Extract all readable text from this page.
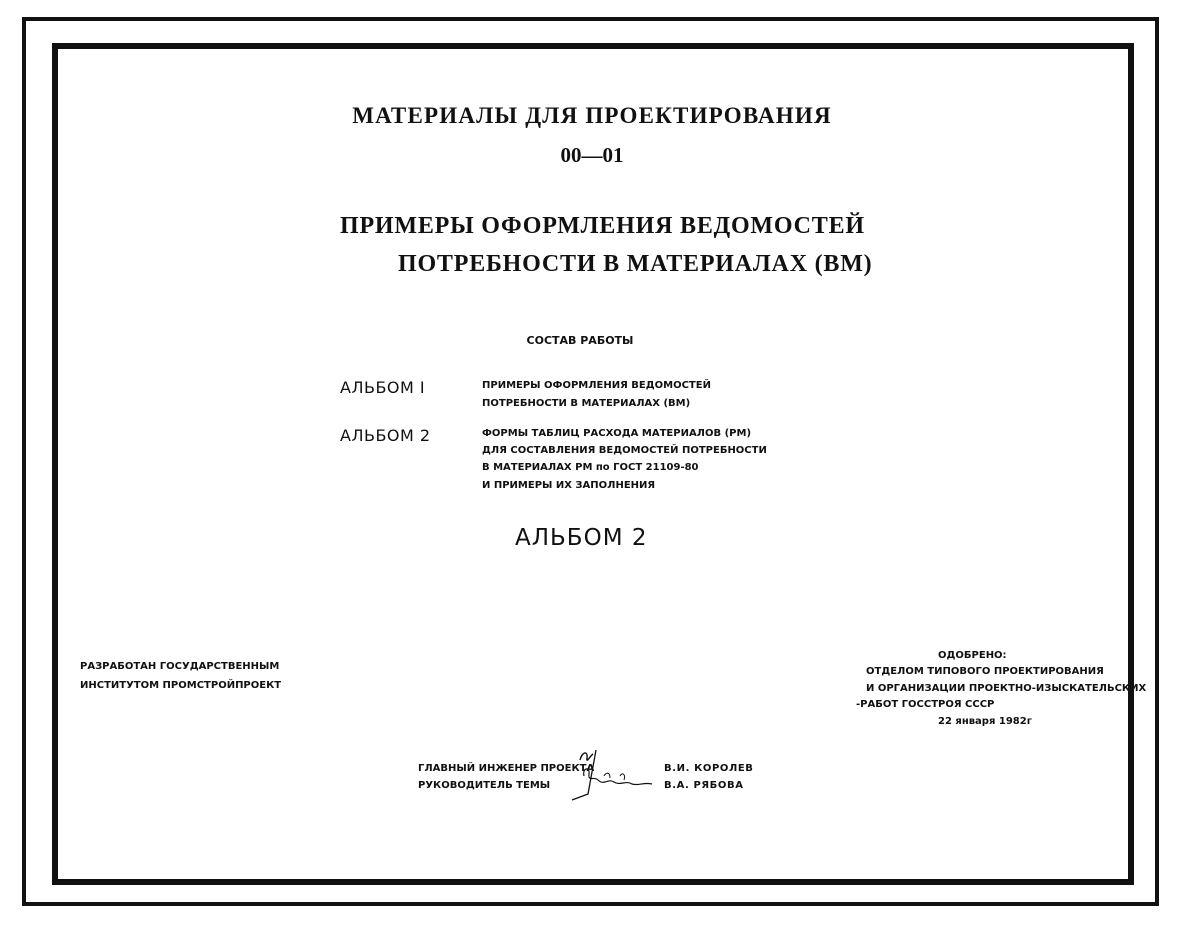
МАТЕРИАЛЫ ДЛЯ ПРОЕКТИРОВАНИЯ
00—01
ПРИМЕРЫ ОФОРМЛЕНИЯ ВЕДОМОСТЕЙ
ПОТРЕБНОСТИ В МАТЕРИАЛАХ (ВМ)
СОСТАВ РАБОТЫ
АЛЬБОМ I	ПРИМЕРЫ ОФОРМЛЕНИЯ ВЕДОМОСТЕЙ
ПОТРЕБНОСТИ В МАТЕРИАЛАХ (ВМ)
АЛЬБОМ 2	ФОРМЫ ТАБЛИЦ РАСХОДА МАТЕРИАЛОВ (РМ)
ДЛЯ СОСТАВЛЕНИЯ ВЕДОМОСТЕЙ ПОТРЕБНОСТИ
В МАТЕРИАЛАХ РМ по ГОСТ 21109-80
И ПРИМЕРЫ ИХ ЗАПОЛНЕНИЯ
АЛЬБОМ 2
РАЗРАБОТАН ГОСУДАРСТВЕННЫМ
ИНСТИТУТОМ ПРОМСТРОЙПРОЕКТ
ОДОБРЕНО:
ОТДЕЛОМ ТИПОВОГО ПРОЕКТИРОВАНИЯ
И ОРГАНИЗАЦИИ ПРОЕКТНО-ИЗЫСКАТЕЛЬСКИХ
-РАБОТ ГОССТРОЯ СССР
22 января 1982г
ГЛАВНЫЙ ИНЖЕНЕР ПРОЕКТА
РУКОВОДИТЕЛЬ ТЕМЫ
В.И. КОРОЛЕВ
В.А. РЯБОВА
